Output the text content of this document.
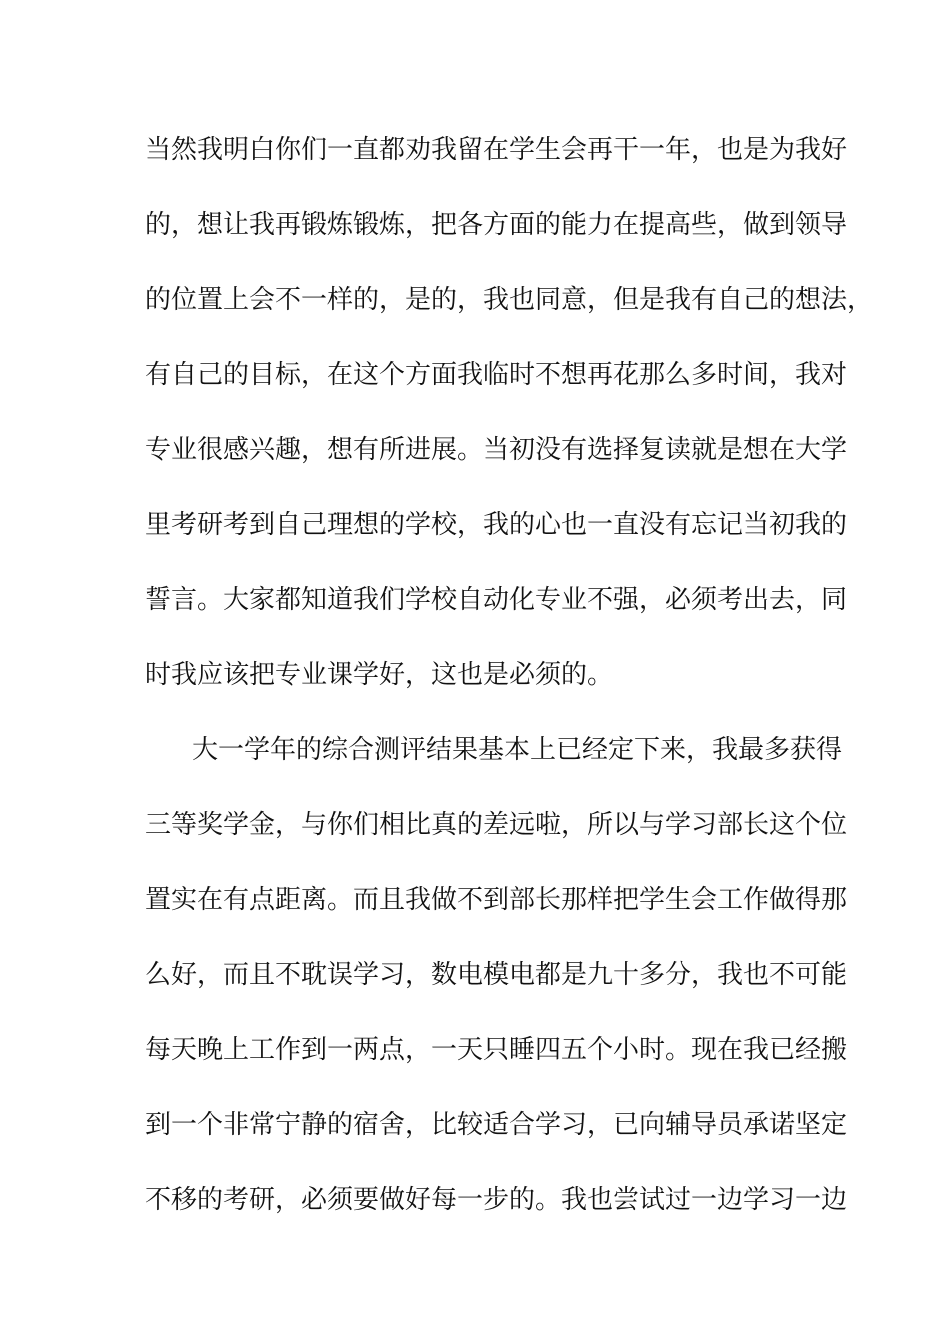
当然我明白你们一直都劝我留在学生会再干一年，也是为我好
的，想让我再锻炼锻炼，把各方面的能力在提高些，做到领导
的位置上会不一样的，是的，我也同意，但是我有自己的想法，
有自己的目标，在这个方面我临时不想再花那么多时间，我对
专业很感兴趣，想有所进展。当初没有选择复读就是想在大学
里考研考到自己理想的学校，我的心也一直没有忘记当初我的
誓言。大家都知道我们学校自动化专业不强，必须考出去，同
时我应该把专业课学好，这也是必须的。
大一学年的综合测评结果基本上已经定下来，我最多获得
三等奖学金，与你们相比真的差远啦，所以与学习部长这个位
置实在有点距离。而且我做不到部长那样把学生会工作做得那
么好，而且不耽误学习，数电模电都是九十多分，我也不可能
每天晚上工作到一两点，一天只睡四五个小时。现在我已经搬
到一个非常宁静的宿舍，比较适合学习，已向辅导员承诺坚定
不移的考研，必须要做好每一步的。我也尝试过一边学习一边
